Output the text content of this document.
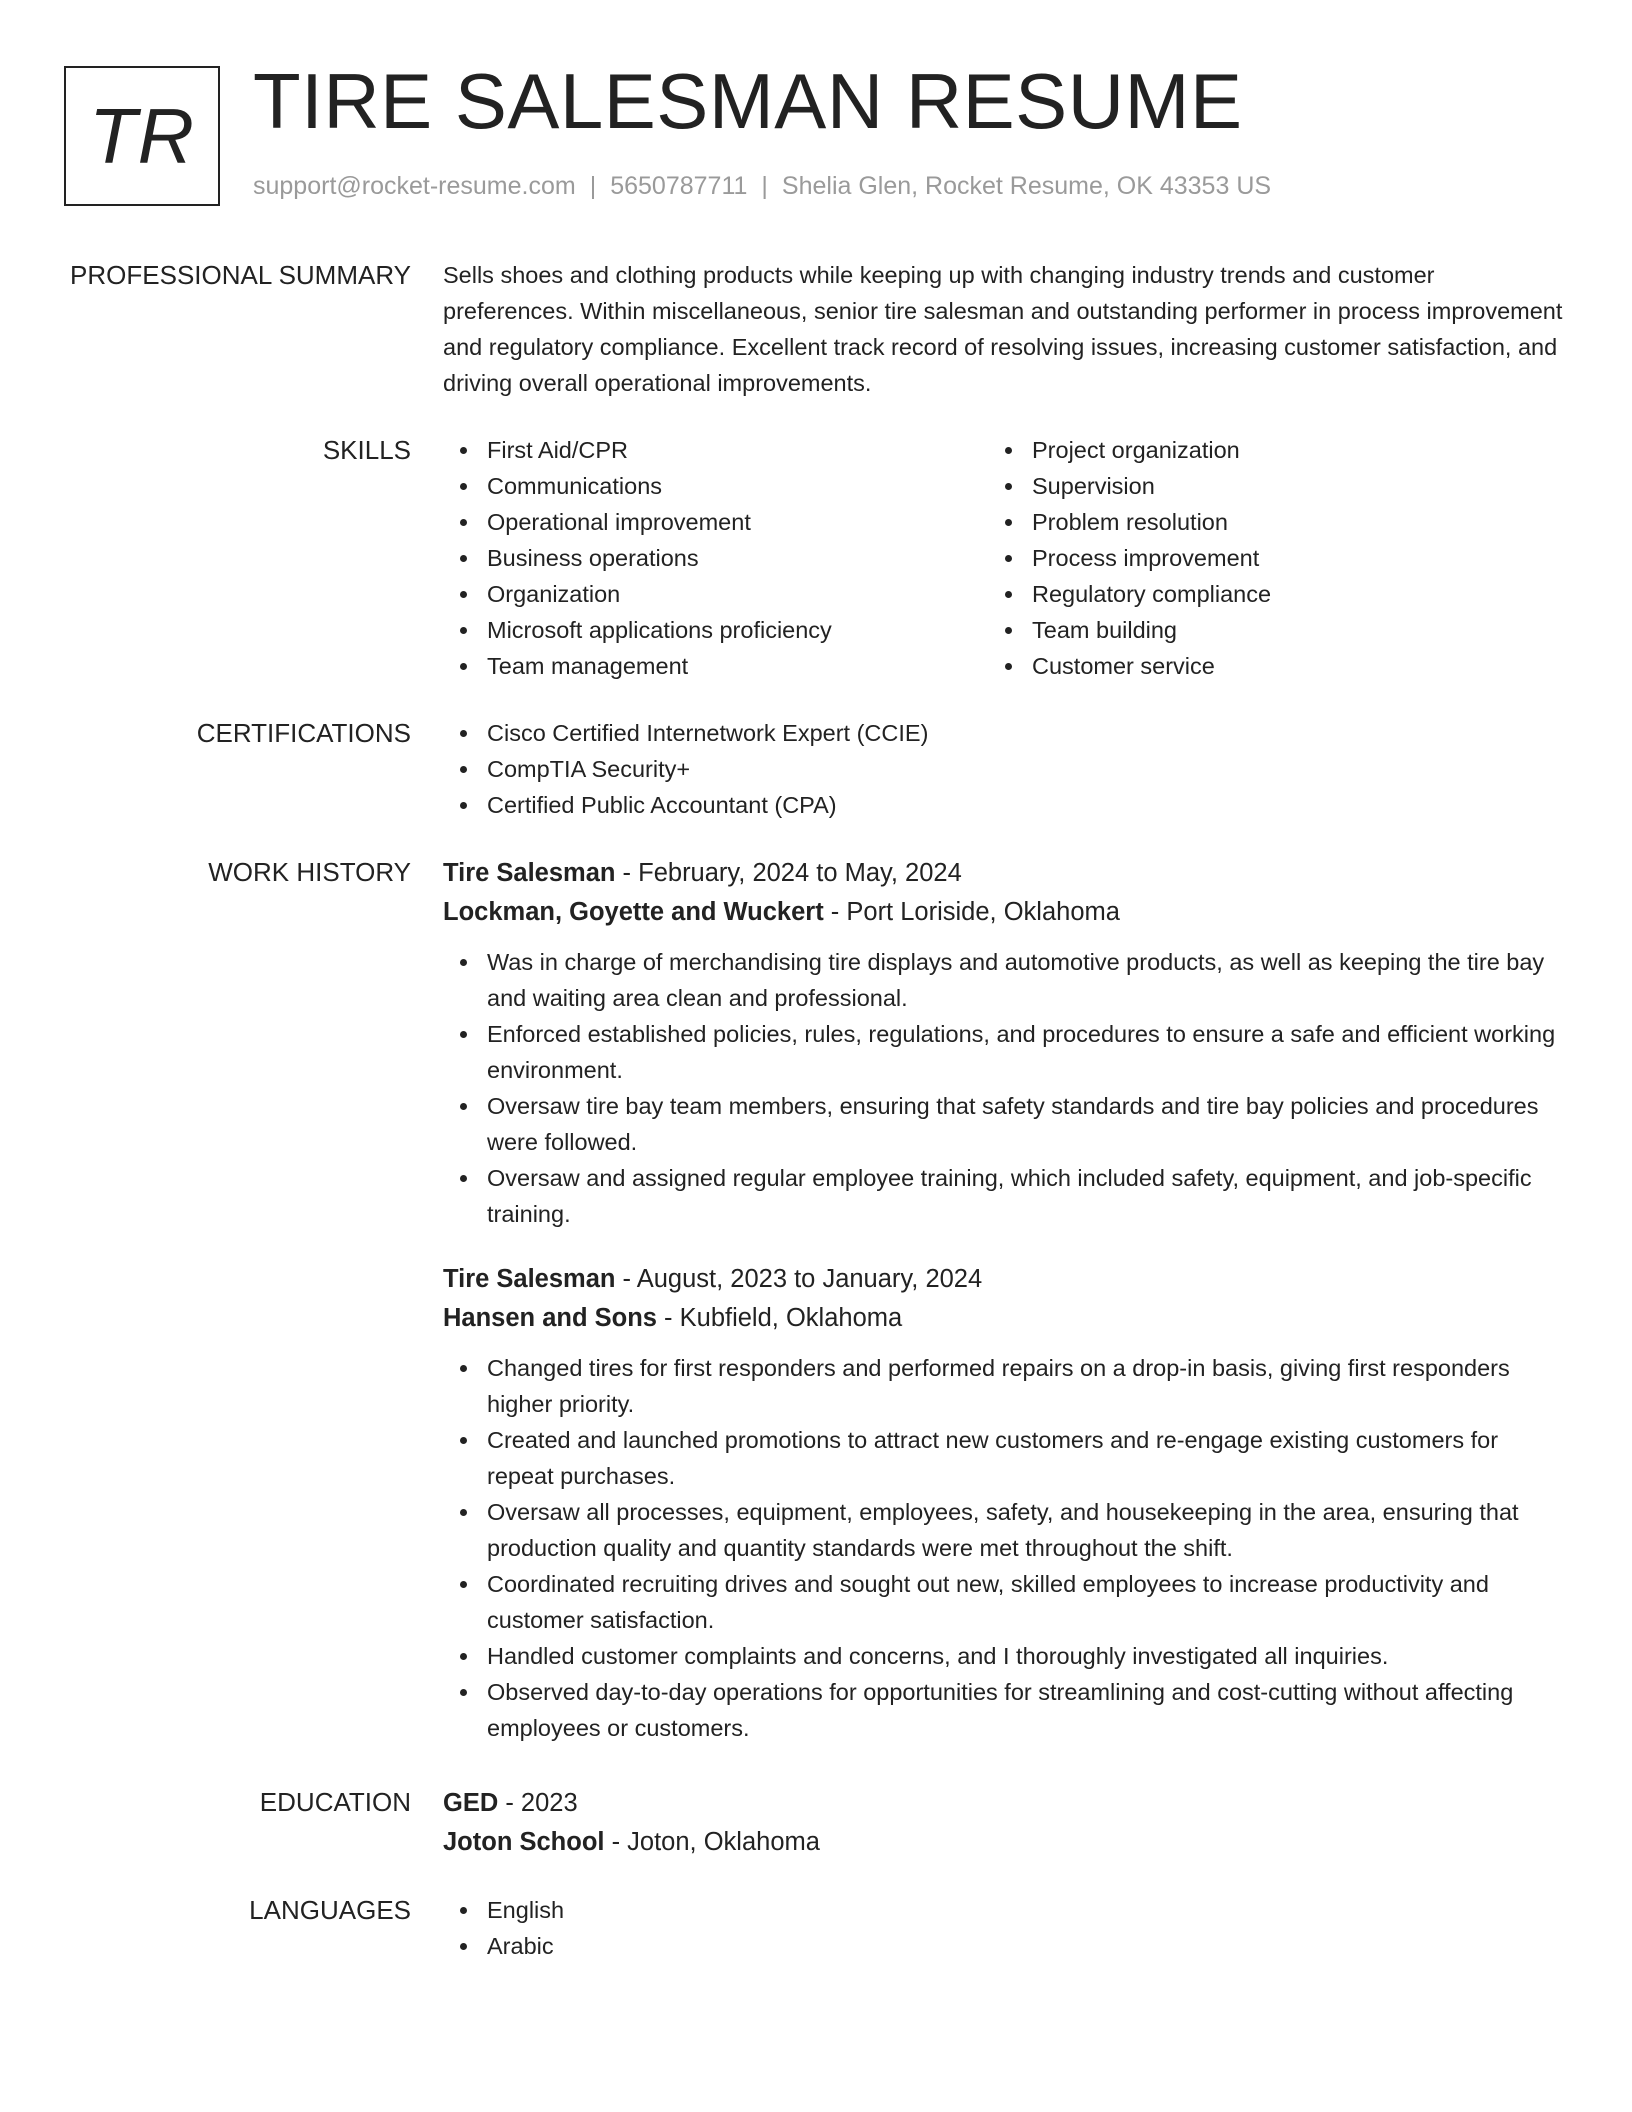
TR TIRE SALESMAN RESUME
support@rocket-resume.com | 5650787711 | Shelia Glen, Rocket Resume, OK 43353 US
PROFESSIONAL SUMMARY Sells shoes and clothing products while keeping up with changing industry trends and customer preferences. Within miscellaneous, senior tire salesman and outstanding performer in process improvement and regulatory compliance. Excellent track record of resolving issues, increasing customer satisfaction, and driving overall operational improvements.

SKILLS	First Aid/CPR
Communications
Operational improvement
Business operations
Organization
Microsoft applications proficiency
Team management
Project organization
Supervision
Problem resolution
Process improvement
Regulatory compliance
Team building
Customer service
CERTIFICATIONS	Cisco Certified Internetwork Expert (CCIE)
CompTIA Security+
Certified Public Accountant (CPA)
WORK HISTORY Tire Salesman - February, 2024 to May, 2024
Lockman, Goyette and Wuckert - Port Loriside, Oklahoma
Was in charge of merchandising tire displays and automotive products, as well as keeping the tire bay and waiting area clean and professional.
Enforced established policies, rules, regulations, and procedures to ensure a safe and efficient working environment.
Oversaw tire bay team members, ensuring that safety standards and tire bay policies and procedures were followed.
Oversaw and assigned regular employee training, which included safety, equipment, and job-specific training.
Tire Salesman - August, 2023 to January, 2024
Hansen and Sons - Kubfield, Oklahoma
Changed tires for first responders and performed repairs on a drop-in basis, giving first responders higher priority.
Created and launched promotions to attract new customers and re-engage existing customers for repeat purchases.
Oversaw all processes, equipment, employees, safety, and housekeeping in the area, ensuring that production quality and quantity standards were met throughout the shift.
Coordinated recruiting drives and sought out new, skilled employees to increase productivity and customer satisfaction.
Handled customer complaints and concerns, and I thoroughly investigated all inquiries.
Observed day-to-day operations for opportunities for streamlining and cost-cutting without affecting employees or customers.
EDUCATION GED - 2023
Joton School - Joton, Oklahoma
LANGUAGES	English
Arabic
